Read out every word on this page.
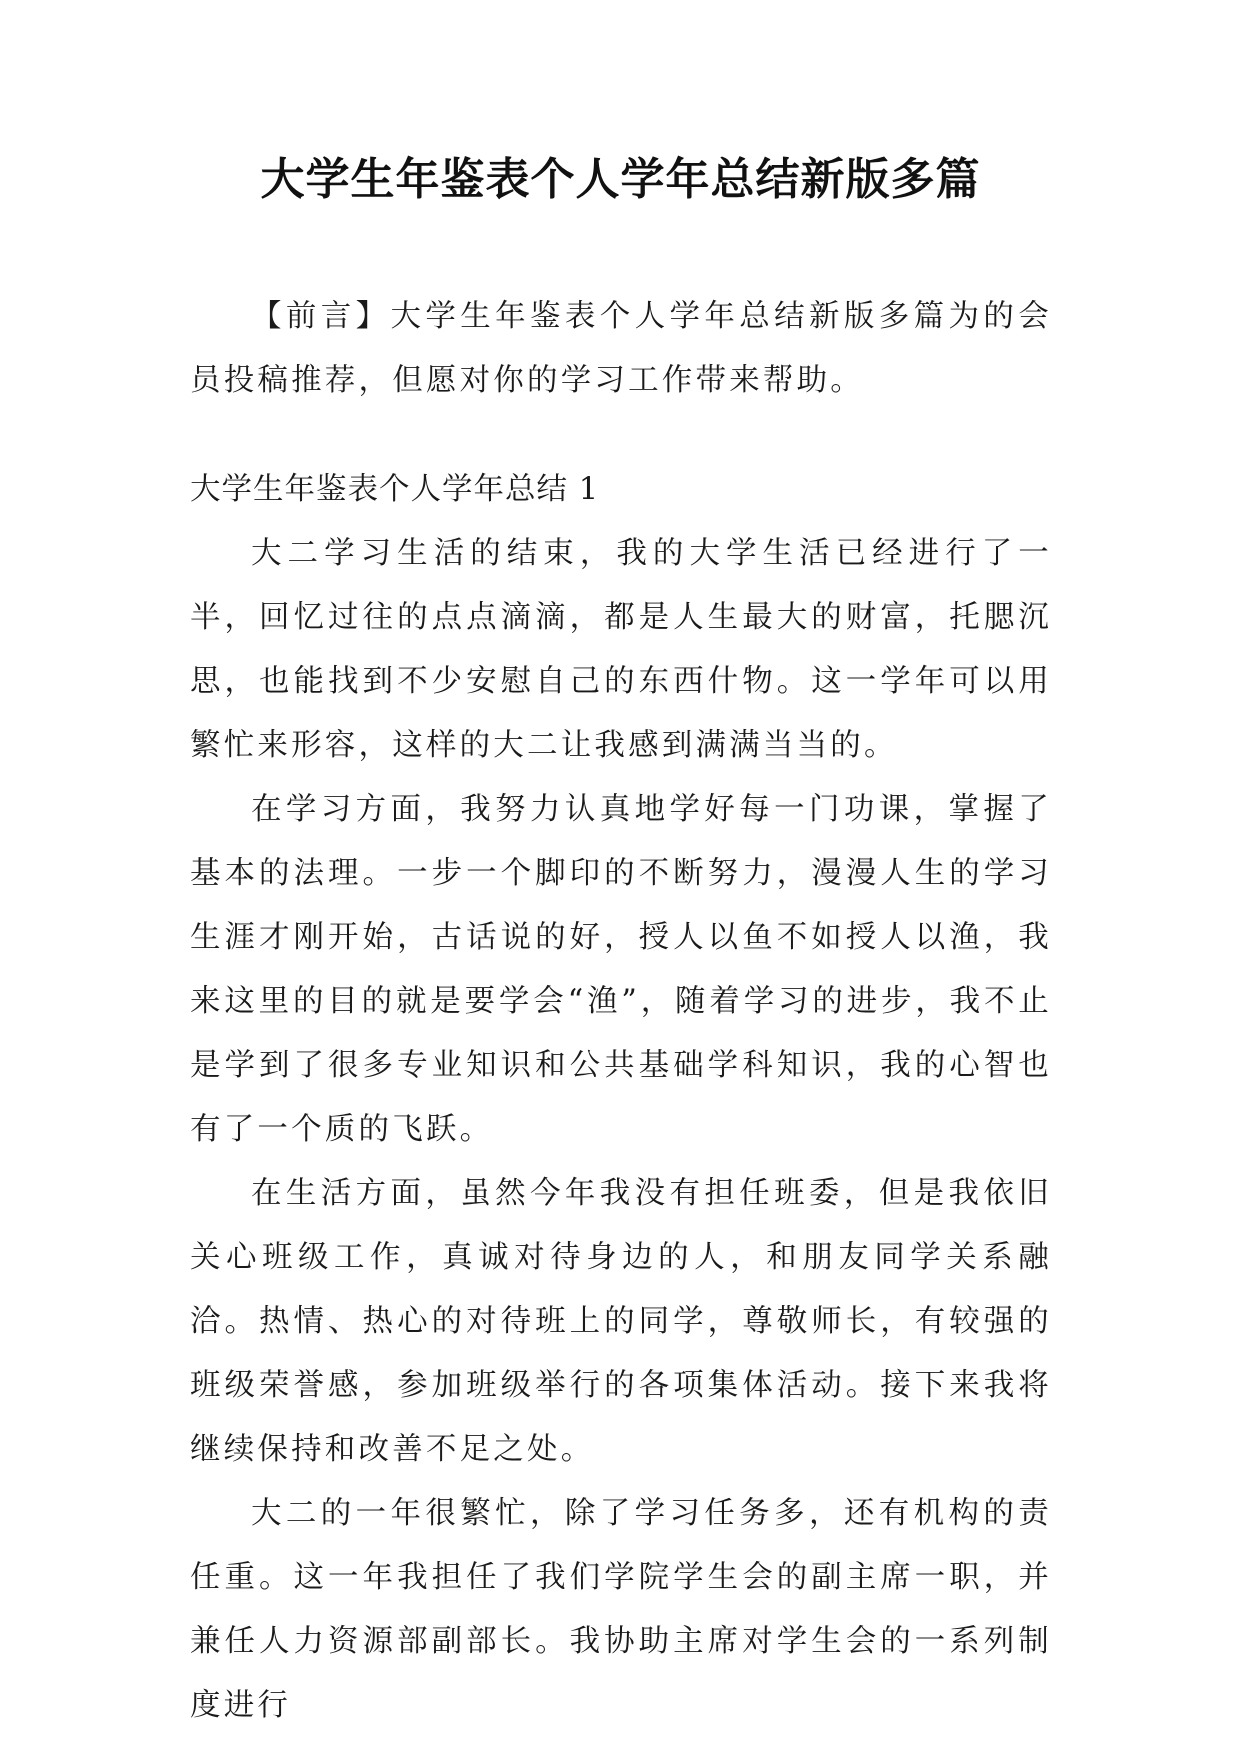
大学生年鉴表个人学年总结新版多篇

【前言】大学生年鉴表个人学年总结新版多篇为的会员投稿推荐，但愿对你的学习工作带来帮助。

大学生年鉴表个人学年总结 1

大二学习生活的结束，我的大学生活已经进行了一半，回忆过往的点点滴滴，都是人生最大的财富，托腮沉思，也能找到不少安慰自己的东西什物。这一学年可以用繁忙来形容，这样的大二让我感到满满当当的。

在学习方面，我努力认真地学好每一门功课，掌握了基本的法理。一步一个脚印的不断努力，漫漫人生的学习生涯才刚开始，古话说的好，授人以鱼不如授人以渔，我来这里的目的就是要学会“渔”，随着学习的进步，我不止是学到了很多专业知识和公共基础学科知识，我的心智也有了一个质的飞跃。

在生活方面，虽然今年我没有担任班委，但是我依旧关心班级工作，真诚对待身边的人，和朋友同学关系融洽。热情、热心的对待班上的同学，尊敬师长，有较强的班级荣誉感，参加班级举行的各项集体活动。接下来我将继续保持和改善不足之处。

大二的一年很繁忙，除了学习任务多，还有机构的责任重。这一年我担任了我们学院学生会的副主席一职，并兼任人力资源部副部长。我协助主席对学生会的一系列制度进行
